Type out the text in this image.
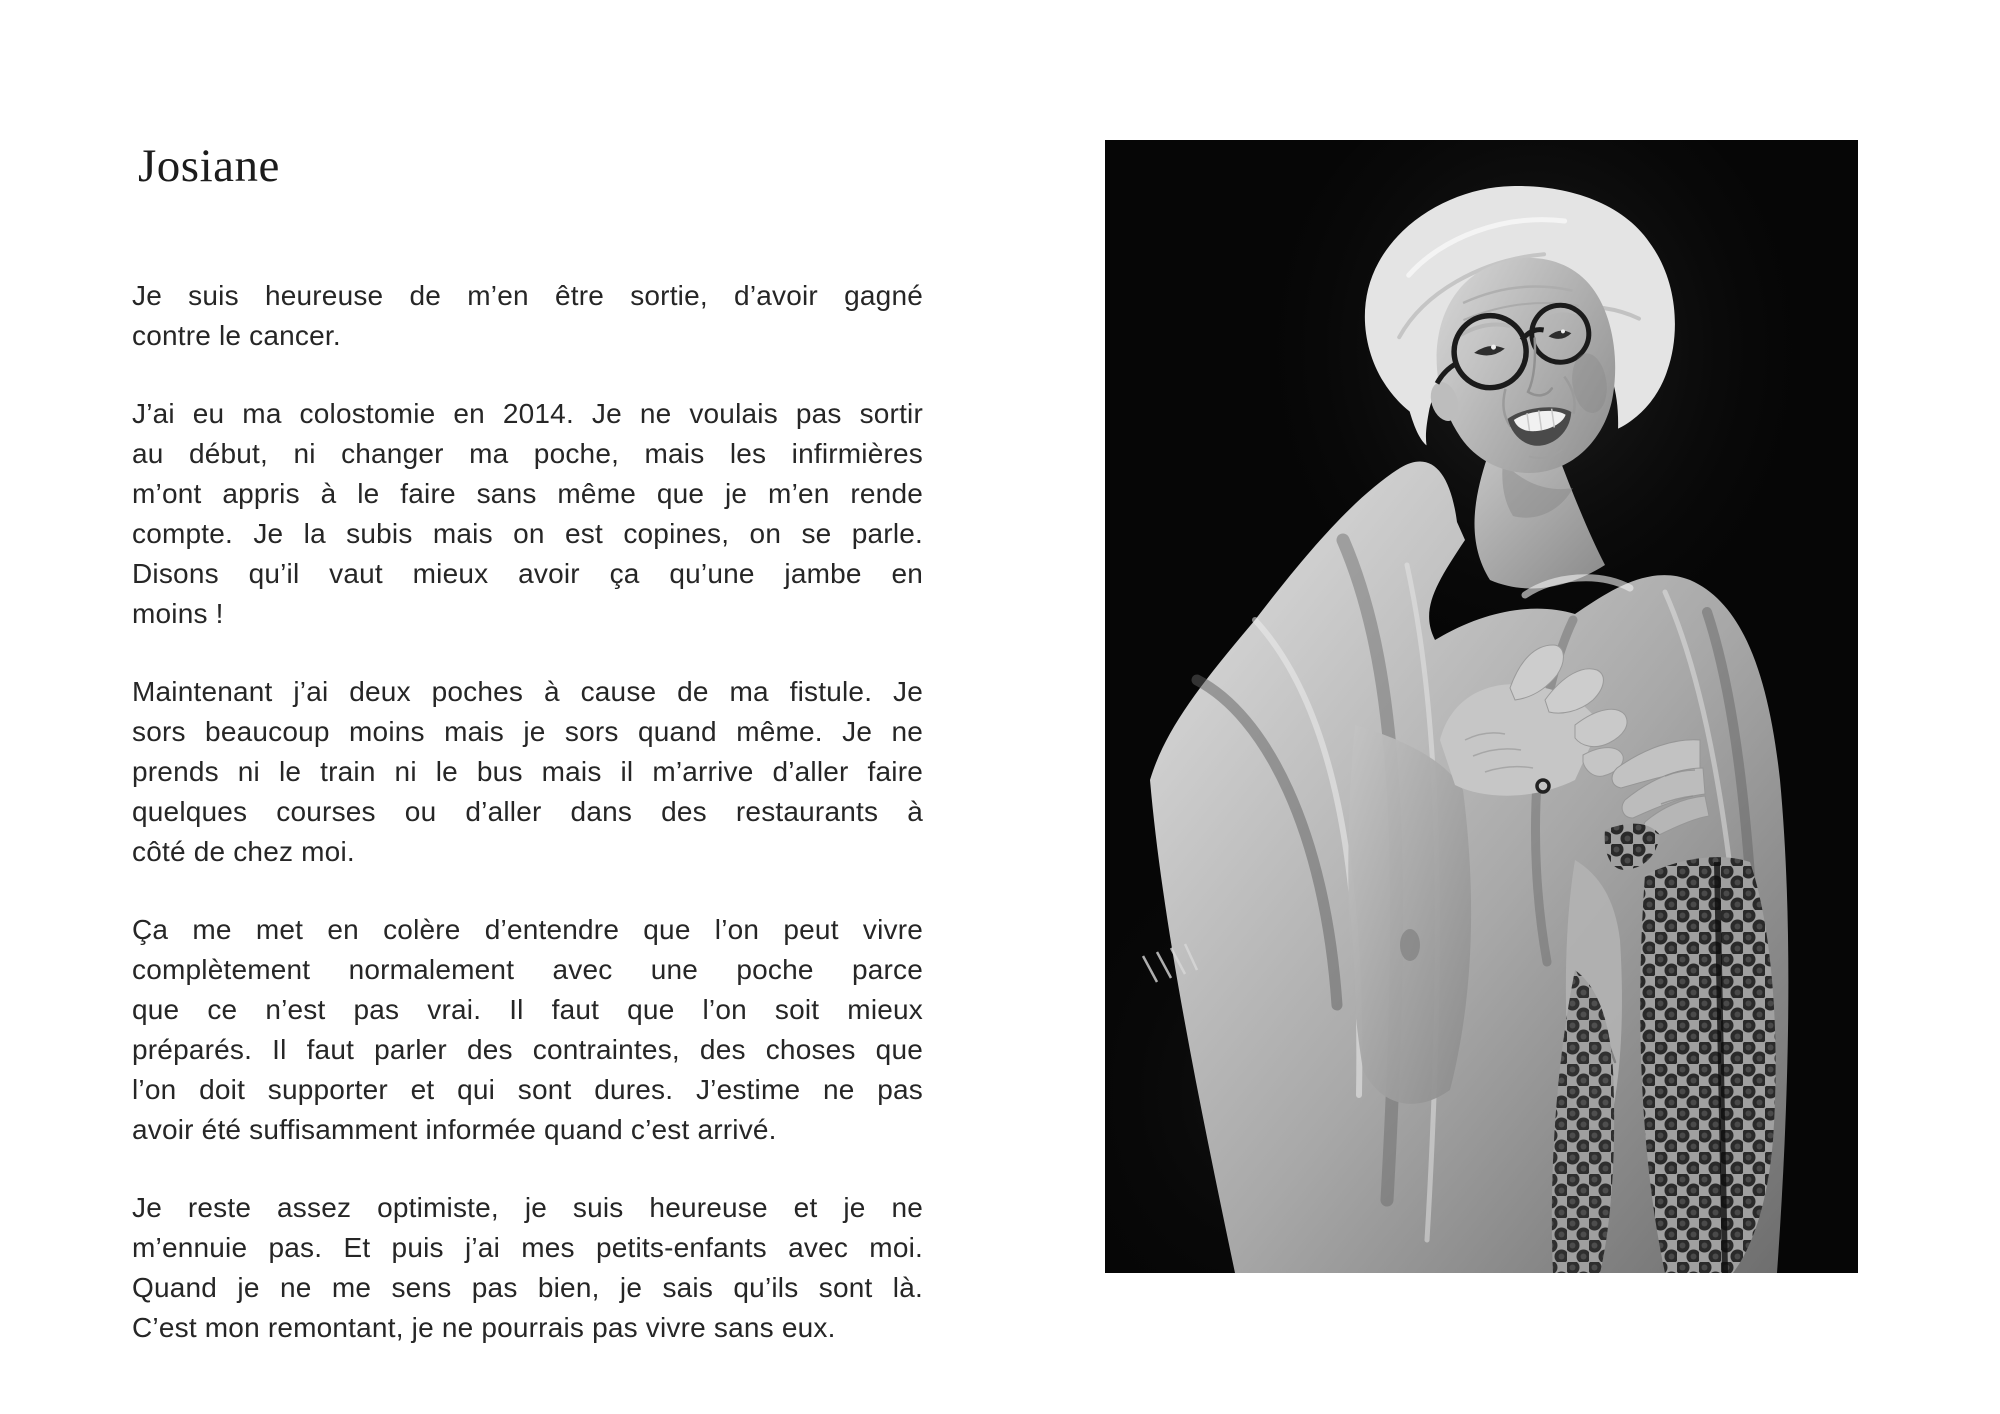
Josiane
Je suis heureuse de m’en être sortie, d’avoir gagné
contre le cancer.
J’ai eu ma colostomie en 2014. Je ne voulais pas sortir
au début, ni changer ma poche, mais les infirmières
m’ont appris à le faire sans même que je m’en rende
compte. Je la subis mais on est copines, on se parle.
Disons qu’il vaut mieux avoir ça qu’une jambe en
moins !
Maintenant j’ai deux poches à cause de ma fistule. Je
sors beaucoup moins mais je sors quand même. Je ne
prends ni le train ni le bus mais il m’arrive d’aller faire
quelques courses ou d’aller dans des restaurants à
côté de chez moi.
Ça me met en colère d’entendre que l’on peut vivre
complètement normalement avec une poche parce
que ce n’est pas vrai. Il faut que l’on soit mieux
préparés. Il faut parler des contraintes, des choses que
l’on doit supporter et qui sont dures. J’estime ne pas
avoir été suffisamment informée quand c’est arrivé.
Je reste assez optimiste, je suis heureuse et je ne
m’ennuie pas. Et puis j’ai mes petits-enfants avec moi.
Quand je ne me sens pas bien, je sais qu’ils sont là.
C’est mon remontant, je ne pourrais pas vivre sans eux.
